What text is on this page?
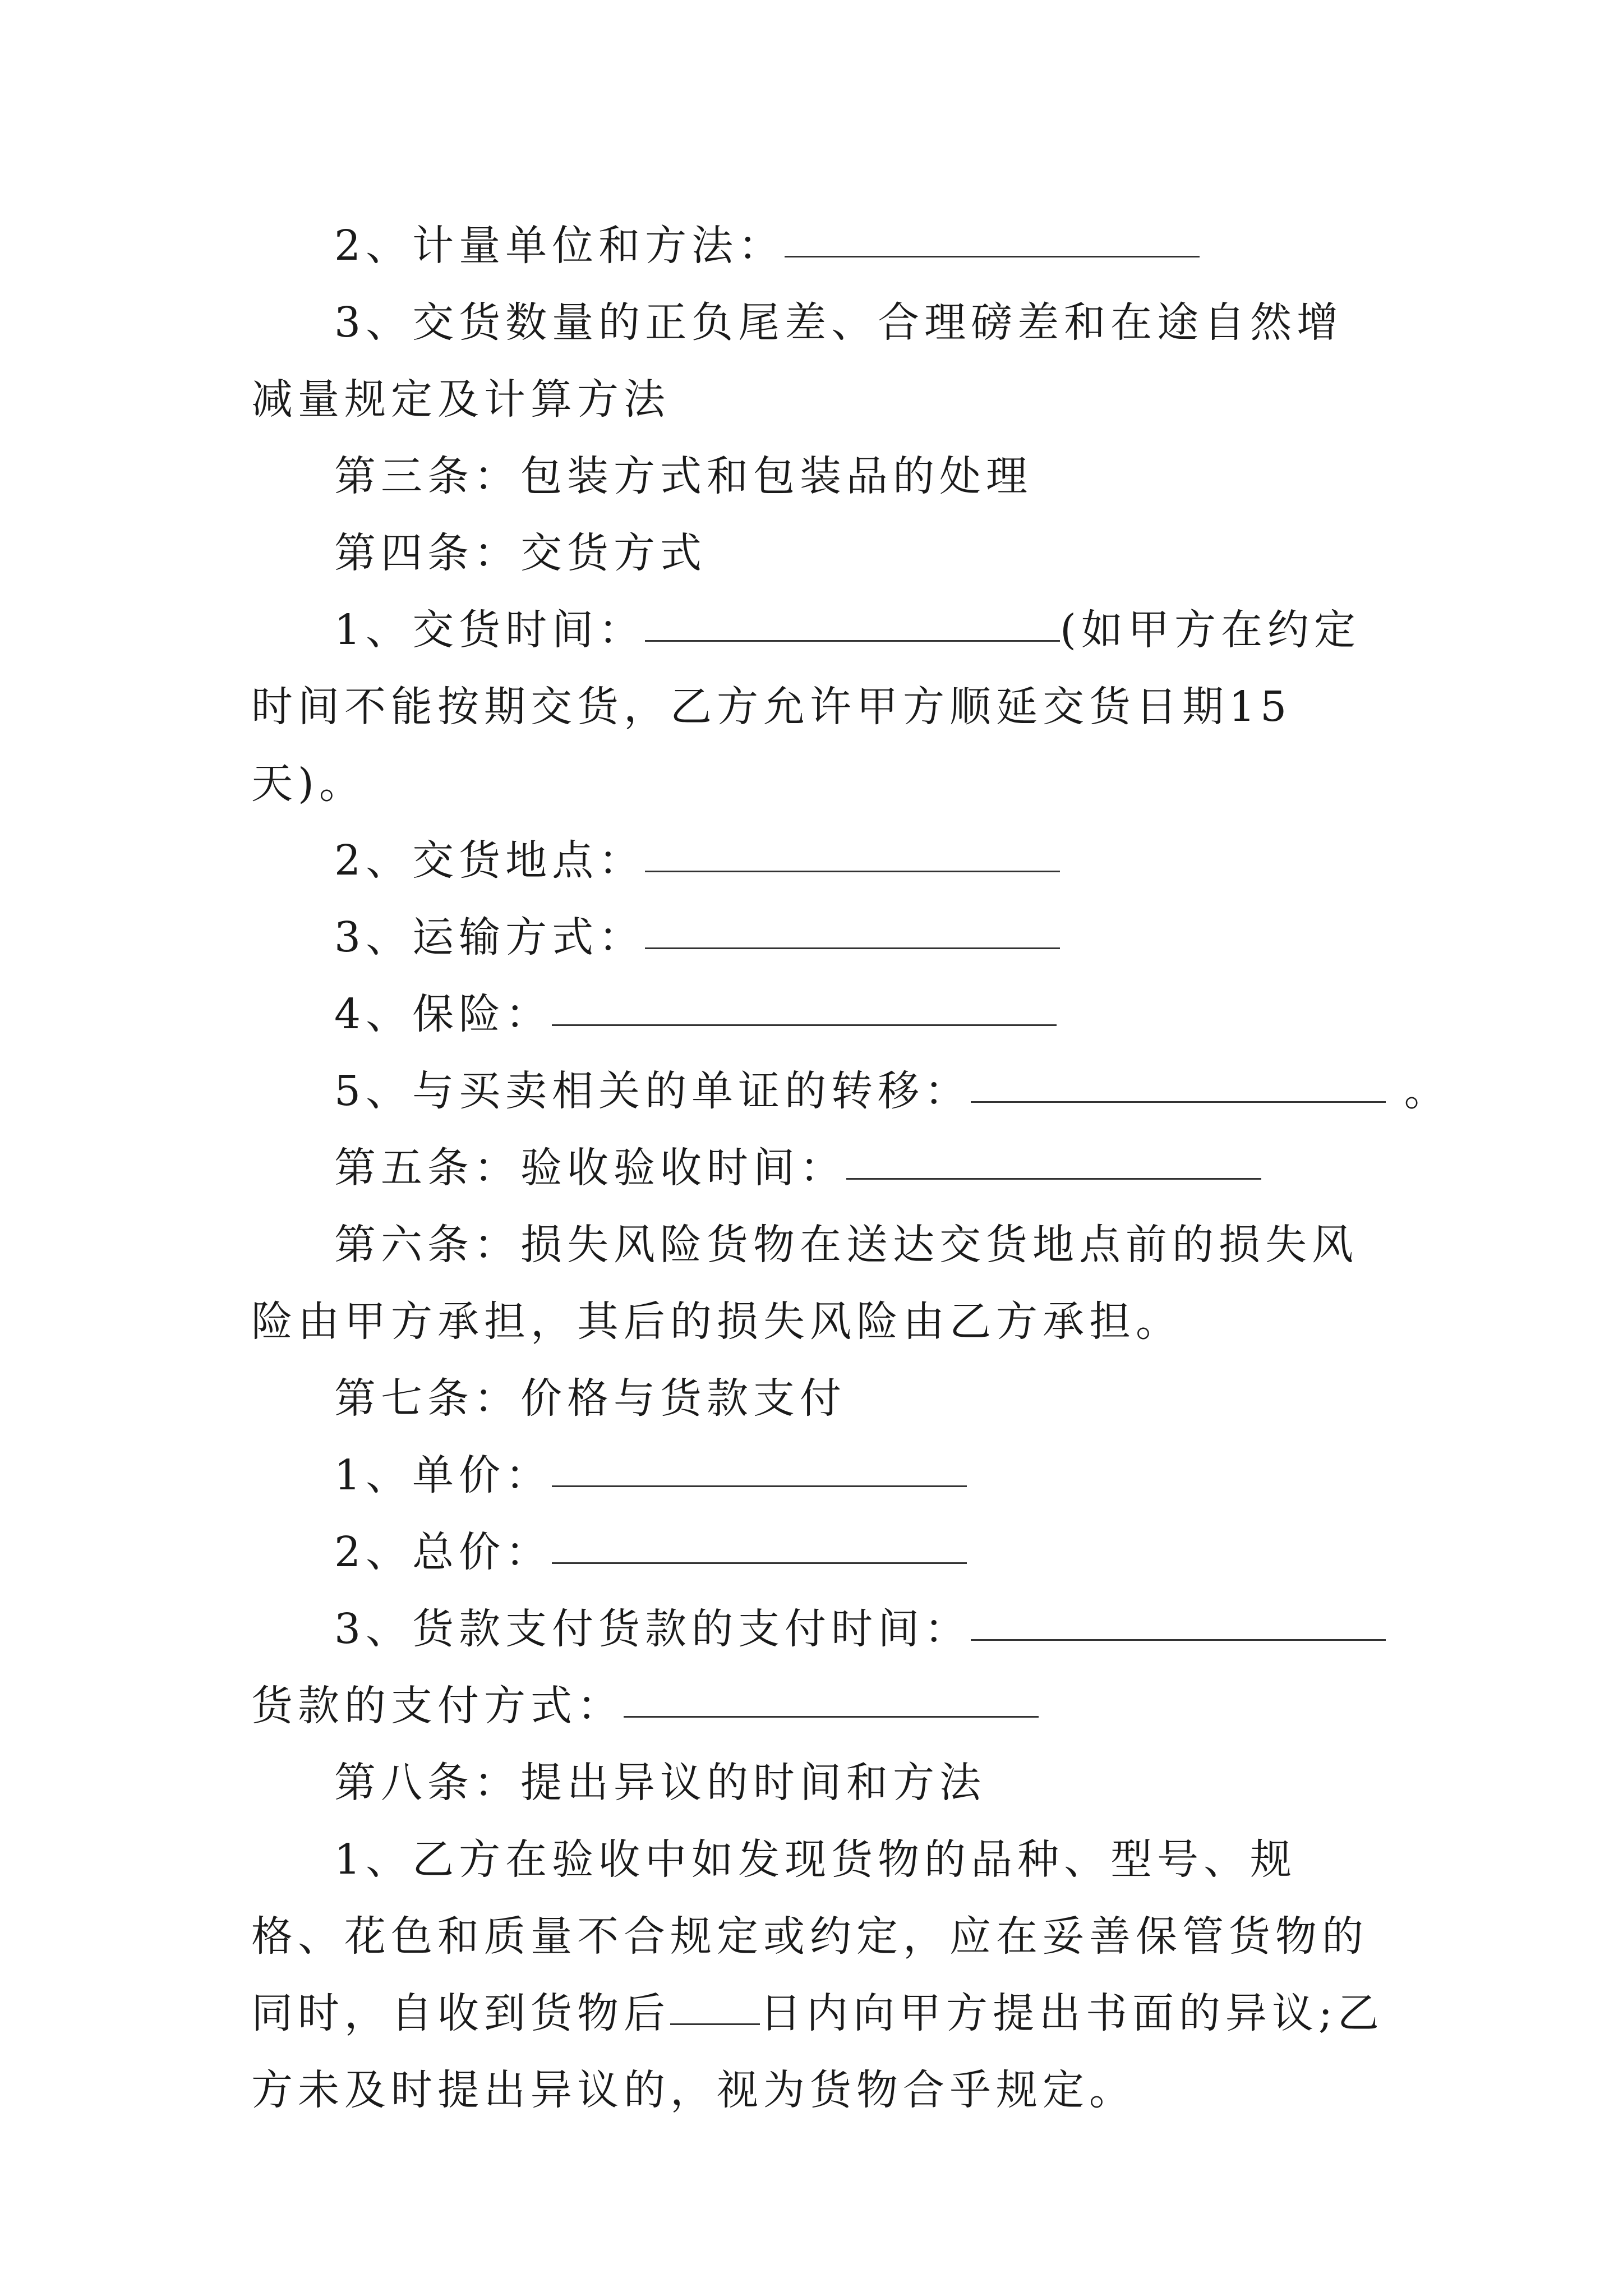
2、计量单位和方法：

3、交货数量的正负尾差、合理磅差和在途自然增减量规定及计算方法

第三条：包装方式和包装品的处理

第四条：交货方式

1、交货时间：	(如甲方在约定时间不能按期交货，乙方允许甲方顺延交货日期15天)。

2、交货地点：

3、运输方式：

4、保险：

5、与买卖相关的单证的转移：	。

第五条：验收验收时间：

第六条：损失风险货物在送达交货地点前的损失风险由甲方承担，其后的损失风险由乙方承担。

第七条：价格与货款支付

1、单价：

2、总价：

3、货款支付货款的支付时间：货款的支付方式：

第八条：提出异议的时间和方法

1、乙方在验收中如发现货物的品种、型号、规格、花色和质量不合规定或约定，应在妥善保管货物的同时，自收到货物后 日内向甲方提出书面的异议;乙方未及时提出异议的，视为货物合乎规定。
